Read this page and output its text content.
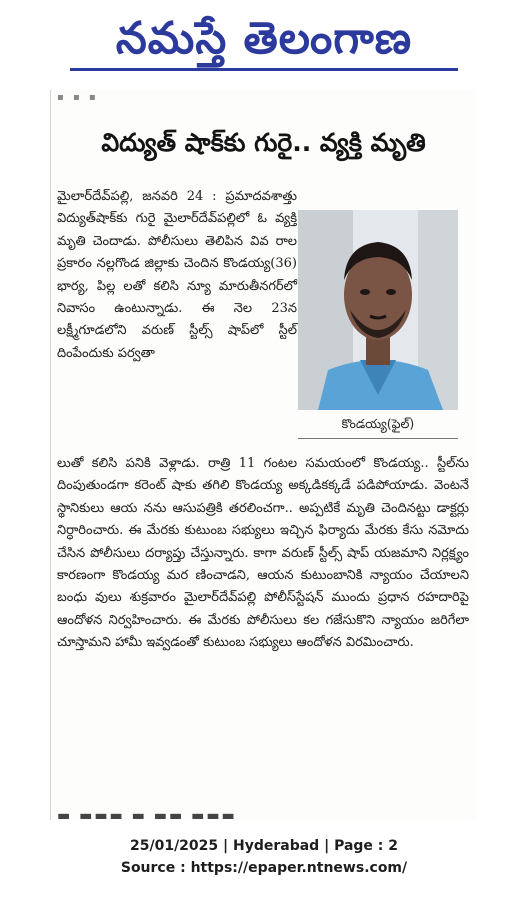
నమస్తే తెలంగాణ
▪ ▪ ▪
విద్యుత్ షాక్‌కు గురై.. వ్యక్తి మృతి
మైలార్‌దేవ్‌పల్లి, జనవరి 24 : ప్రమాదవశాత్తు విద్యుత్‌షాక్‌కు గురై మైలార్‌దేవ్‌పల్లిలో ఓ వ్యక్తి మృతి చెందాడు. పోలీసులు తెలిపిన వివ రాల ప్రకారం నల్లగొండ జిల్లాకు చెందిన కొండయ్య(36) భార్య, పిల్ల లతో కలిసి న్యూ మారుతీనగర్‌లో నివాసం ఉంటున్నాడు. ఈ నెల 23న లక్ష్మీగూడలోని వరుణ్ స్టీల్స్ షాప్‌లో స్టీల్ దింపేందుకు పర్వతా
కొండయ్య(ఫైల్)
లుతో కలిసి పనికి వెళ్లాడు. రాత్రి 11 గంటల సమయంలో కొండయ్య.. స్టీల్‌ను దింపుతుండగా కరెంట్ షాకు తగిలి కొండయ్య అక్కడికక్కడే పడిపోయాడు. వెంటనే స్థానికులు ఆయ నను ఆసుపత్రికి తరలించగా.. అప్పటికే మృతి చెందినట్టు డాక్టర్లు నిర్ధారించారు. ఈ మేరకు కుటుంబ సభ్యులు ఇచ్చిన ఫిర్యాదు మేరకు కేసు నమోదు చేసిన పోలీసులు దర్యాప్తు చేస్తున్నారు. కాగా వరుణ్ స్టీల్స్ షాప్ యజమాని నిర్లక్ష్యం కారణంగా కొండయ్య మర ణించాడని, ఆయన కుటుంబానికి న్యాయం చేయాలని బంధు వులు శుక్రవారం మైలార్‌దేవ్‌పల్లి పోలీస్‌స్టేషన్ ముందు ప్రధాన రహదారిపై ఆందోళన నిర్వహించారు. ఈ మేరకు పోలీసులు కల గజేసుకొని న్యాయం జరిగేలా చూస్తామని హామీ ఇవ్వడంతో కుటుంబ సభ్యులు ఆందోళన విరమించారు.
▬ ▬▬▬ ▬ ▬▬ ▬▬▬
25/01/2025 | Hyderabad | Page : 2
Source : https://epaper.ntnews.com/
